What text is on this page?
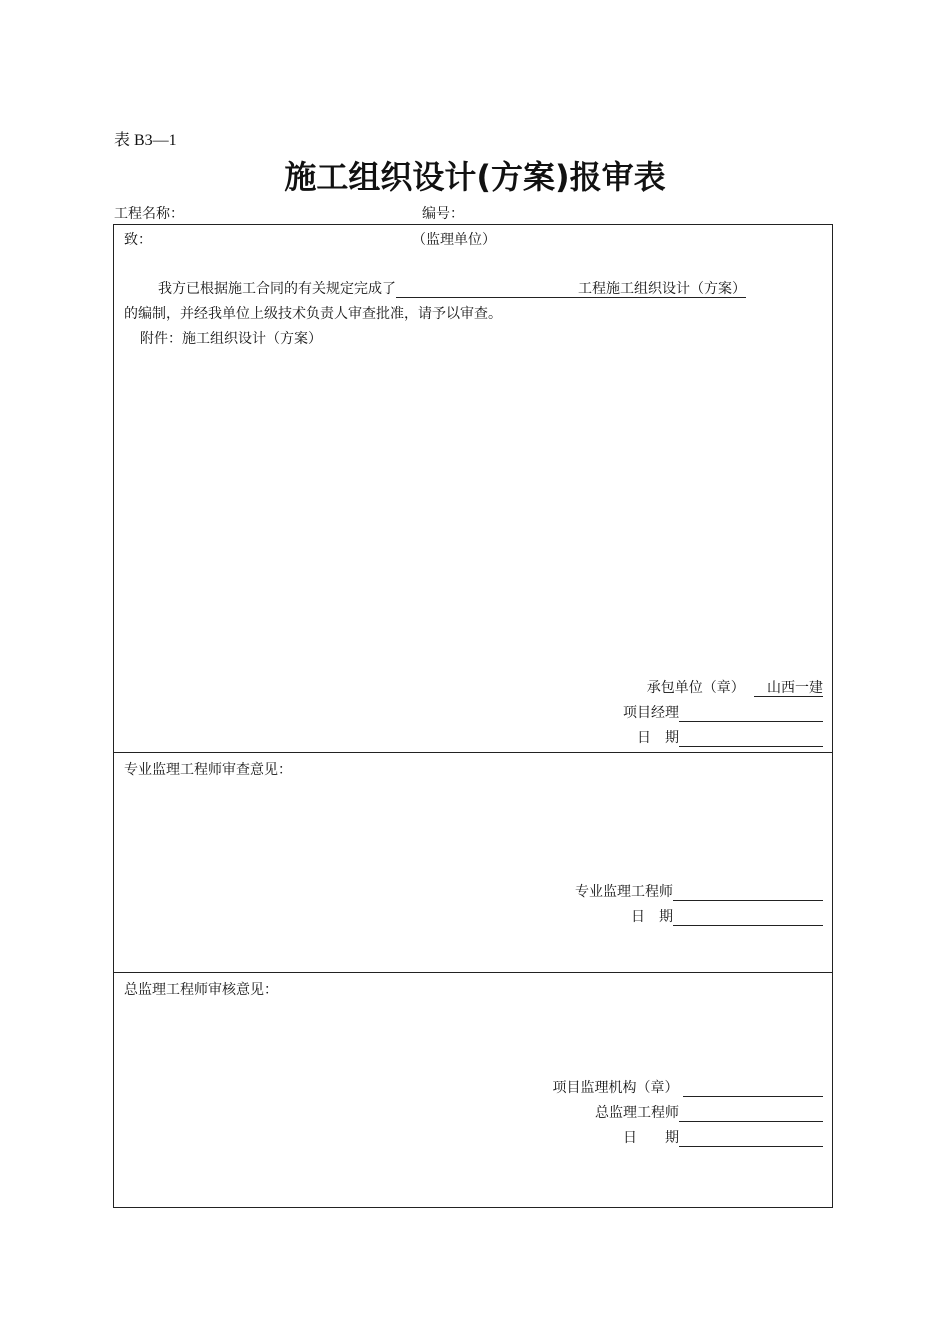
表 B3—1
施工组织设计(方案)报审表
工程名称：	编号：
致：	（监理单位）
我方已根据施工合同的有关规定完成了	工程施工组织设计（方案）
的编制，并经我单位上级技术负责人审查批准，请予以审查。
附件：施工组织设计（方案）
承包单位（章） 山西一建
项目经理
日　期
专业监理工程师审查意见：
专业监理工程师
日　期
总监理工程师审核意见：
项目监理机构（章）
总监理工程师
日　　期
